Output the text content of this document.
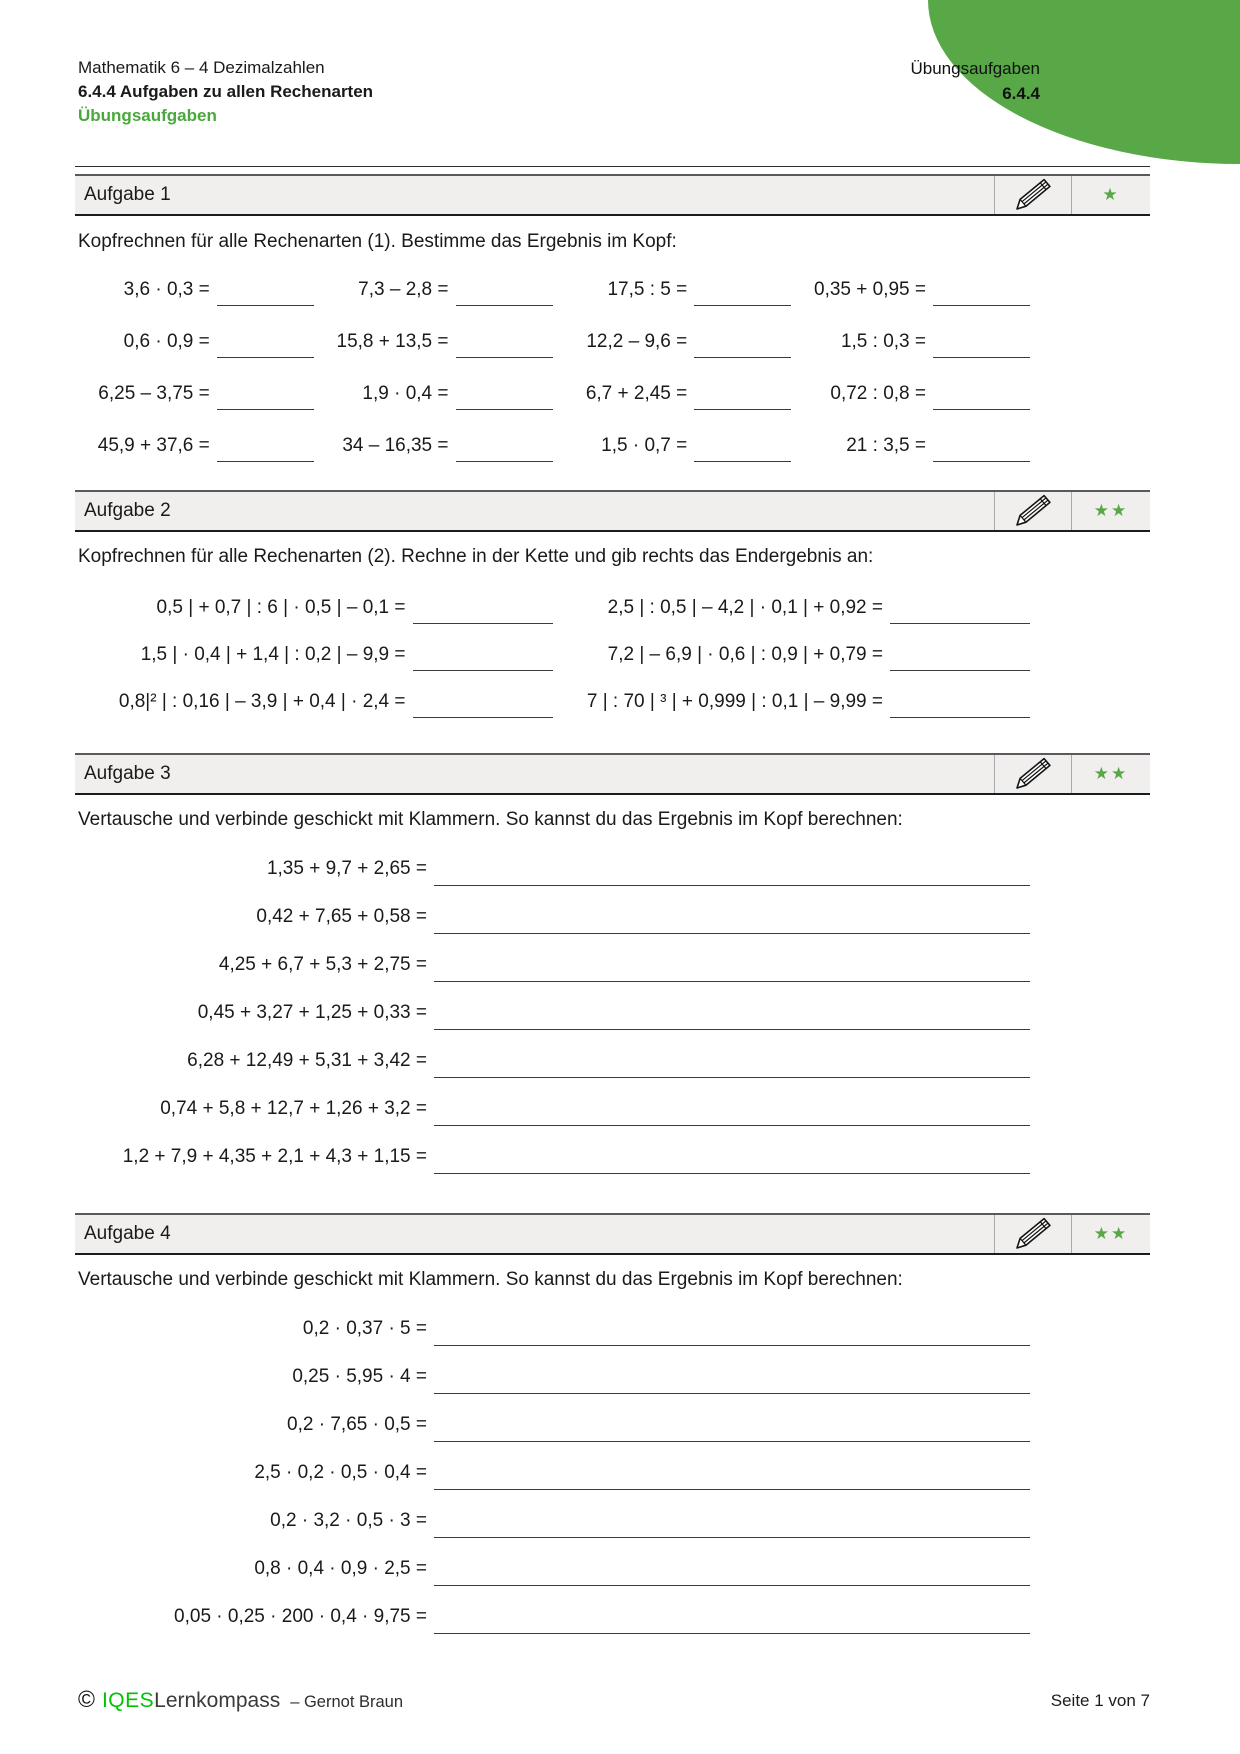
Übungsaufgaben
6.4.4
Mathematik 6 – 4 Dezimalzahlen
6.4.4 Aufgaben zu allen Rechenarten
Übungsaufgaben
Aufgabe 1	★
Kopfrechnen für alle Rechenarten (1). Bestimme das Ergebnis im Kopf:
3,6 · 0,3 =	7,3 – 2,8 =	17,5 : 5 =	0,35 + 0,95 =
0,6 · 0,9 =	15,8 + 13,5 =	12,2 – 9,6 =	1,5 : 0,3 =
6,25 – 3,75 =	1,9 · 0,4 =	6,7 + 2,45 =	0,72 : 0,8 =
45,9 + 37,6 =	34 – 16,35 =	1,5 · 0,7 =	21 : 3,5 =
Aufgabe 2	★★
Kopfrechnen für alle Rechenarten (2). Rechne in der Kette und gib rechts das Endergebnis an:
0,5 | + 0,7 | : 6 | · 0,5 | – 0,1 =	2,5 | : 0,5 | – 4,2 | · 0,1 | + 0,92 =
1,5 | · 0,4 | + 1,4 | : 0,2 | – 9,9 =	7,2 | – 6,9 | · 0,6 | : 0,9 | + 0,79 =
0,8|² | : 0,16 | – 3,9 | + 0,4 | · 2,4 =	7 | : 70 | ³ | + 0,999 | : 0,1 | – 9,99 =
Aufgabe 3	★★
Vertausche und verbinde geschickt mit Klammern. So kannst du das Ergebnis im Kopf berechnen:
1,35 + 9,7 + 2,65 =
0,42 + 7,65 + 0,58 =
4,25 + 6,7 + 5,3 + 2,75 =
0,45 + 3,27 + 1,25 + 0,33 =
6,28 + 12,49 + 5,31 + 3,42 =
0,74 + 5,8 + 12,7 + 1,26 + 3,2 =
1,2 + 7,9 + 4,35 + 2,1 + 4,3 + 1,15 =
Aufgabe 4	★★
Vertausche und verbinde geschickt mit Klammern. So kannst du das Ergebnis im Kopf berechnen:
0,2 · 0,37 · 5 =
0,25 · 5,95 · 4 =
0,2 · 7,65 · 0,5 =
2,5 · 0,2 · 0,5 · 0,4 =
0,2 · 3,2 · 0,5 · 3 =
0,8 · 0,4 · 0,9 · 2,5 =
0,05 · 0,25 · 200 · 0,4 · 9,75 =
© IQES Lernkompass – Gernot Braun	Seite 1 von 7
